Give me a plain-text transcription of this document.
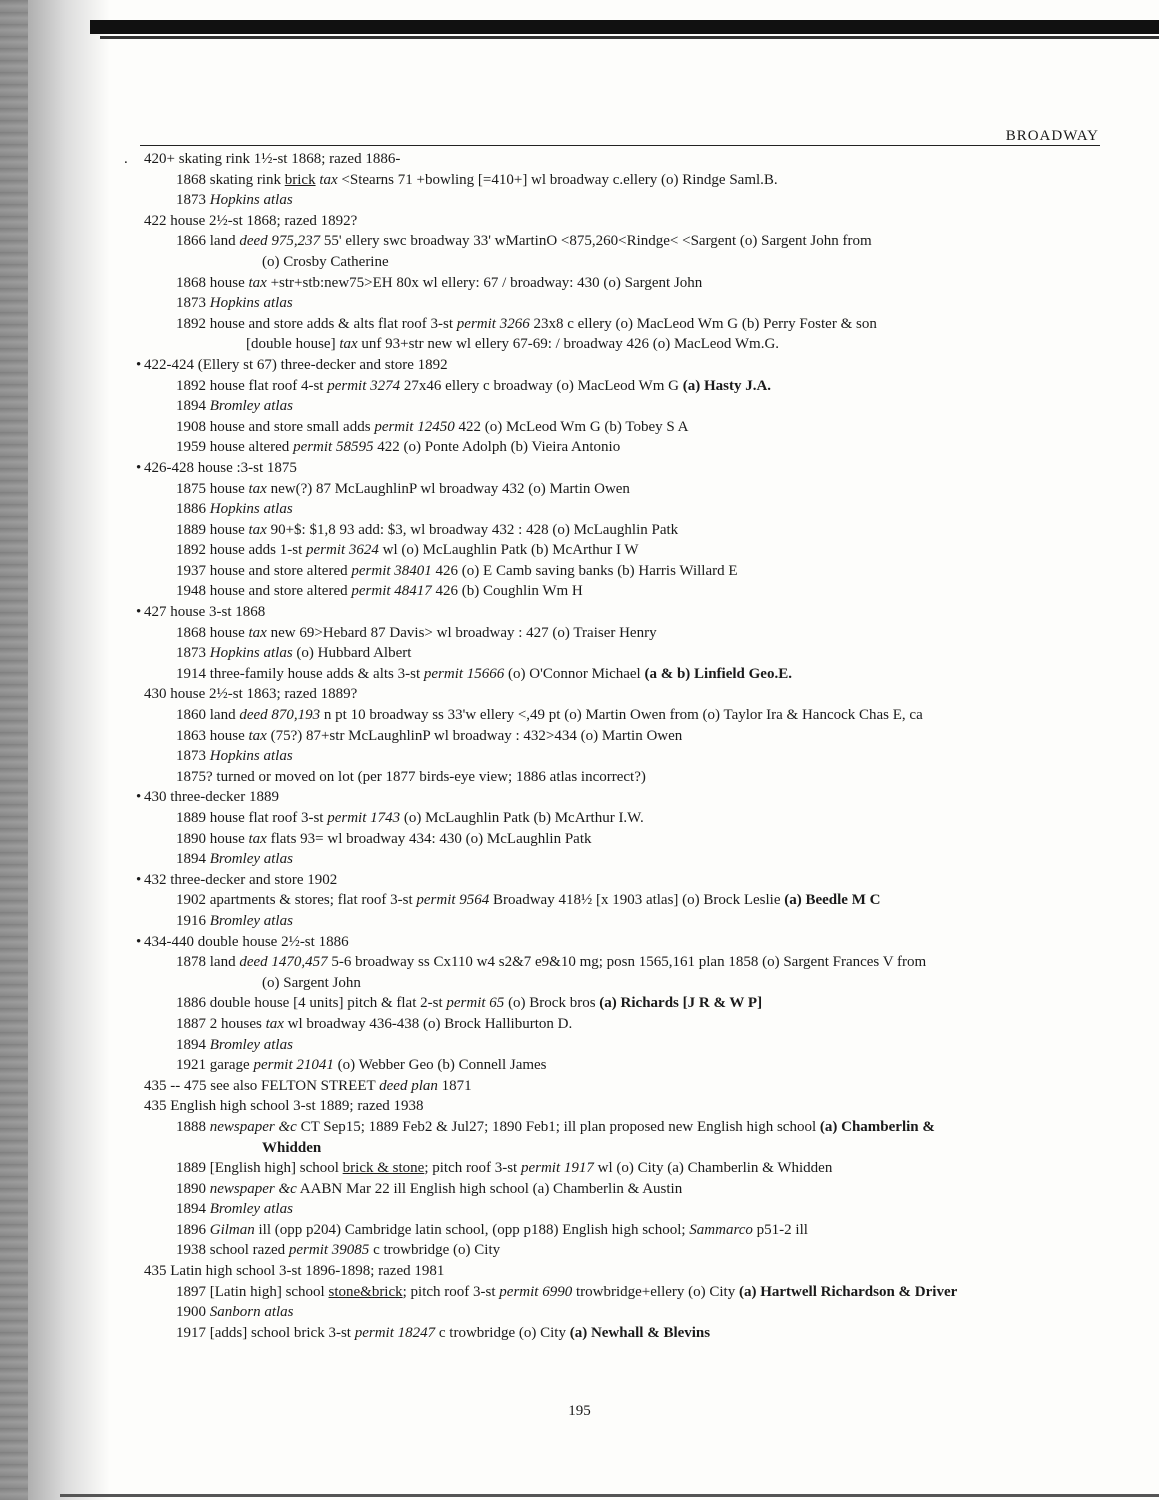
BROADWAY
. 420+ skating rink 1½-st 1868; razed 1886-
1868 skating rink brick tax <Stearns 71 +bowling [=410+] wl broadway c.ellery (o) Rindge Saml.B.
1873 Hopkins atlas
422 house 2½-st 1868; razed 1892?
1866 land deed 975,237 55' ellery swc broadway 33' wMartinO <875,260<Rindge< <Sargent (o) Sargent John from
(o) Crosby Catherine
1868 house tax +str+stb:new75>EH 80x wl ellery: 67 / broadway: 430 (o) Sargent John
1873 Hopkins atlas
1892 house and store adds & alts flat roof 3-st permit 3266 23x8 c ellery (o) MacLeod Wm G (b) Perry Foster & son
[double house] tax unf 93+str new wl ellery 67-69: / broadway 426 (o) MacLeod Wm.G.
• 422-424 (Ellery st 67) three-decker and store 1892
1892 house flat roof 4-st permit 3274 27x46 ellery c broadway (o) MacLeod Wm G (a) Hasty J.A.
1894 Bromley atlas
1908 house and store small adds permit 12450 422 (o) McLeod Wm G (b) Tobey S A
1959 house altered permit 58595 422 (o) Ponte Adolph (b) Vieira Antonio
• 426-428 house :3-st 1875
1875 house tax new(?) 87 McLaughlinP wl broadway 432 (o) Martin Owen
1886 Hopkins atlas
1889 house tax 90+$: $1,8 93 add: $3, wl broadway 432 : 428 (o) McLaughlin Patk
1892 house adds 1-st permit 3624 wl (o) McLaughlin Patk (b) McArthur I W
1937 house and store altered permit 38401 426 (o) E Camb saving banks (b) Harris Willard E
1948 house and store altered permit 48417 426 (b) Coughlin Wm H
• 427 house 3-st 1868
1868 house tax new 69>Hebard 87 Davis> wl broadway : 427 (o) Traiser Henry
1873 Hopkins atlas (o) Hubbard Albert
1914 three-family house adds & alts 3-st permit 15666 (o) O'Connor Michael (a & b) Linfield Geo.E.
430 house 2½-st 1863; razed 1889?
1860 land deed 870,193 n pt 10 broadway ss 33'w ellery <,49 pt (o) Martin Owen from (o) Taylor Ira & Hancock Chas E, ca
1863 house tax (75?) 87+str McLaughlinP wl broadway : 432>434 (o) Martin Owen
1873 Hopkins atlas
1875? turned or moved on lot (per 1877 birds-eye view; 1886 atlas incorrect?)
• 430 three-decker 1889
1889 house flat roof 3-st permit 1743 (o) McLaughlin Patk (b) McArthur I.W.
1890 house tax flats 93= wl broadway 434: 430 (o) McLaughlin Patk
1894 Bromley atlas
• 432 three-decker and store 1902
1902 apartments & stores; flat roof 3-st permit 9564 Broadway 418½ [x 1903 atlas] (o) Brock Leslie (a) Beedle M C
1916 Bromley atlas
• 434-440 double house 2½-st 1886
1878 land deed 1470,457 5-6 broadway ss Cx110 w4 s2&7 e9&10 mg; posn 1565,161 plan 1858 (o) Sargent Frances V from
(o) Sargent John
1886 double house [4 units] pitch & flat 2-st permit 65 (o) Brock bros (a) Richards [J R & W P]
1887 2 houses tax wl broadway 436-438 (o) Brock Halliburton D.
1894 Bromley atlas
1921 garage permit 21041 (o) Webber Geo (b) Connell James
435 -- 475 see also FELTON STREET deed plan 1871
435 English high school 3-st 1889; razed 1938
1888 newspaper &c CT Sep15; 1889 Feb2 & Jul27; 1890 Feb1; ill plan proposed new English high school (a) Chamberlin &
Whidden
1889 [English high] school brick & stone; pitch roof 3-st permit 1917 wl (o) City (a) Chamberlin & Whidden
1890 newspaper &c AABN Mar 22 ill English high school (a) Chamberlin & Austin
1894 Bromley atlas
1896 Gilman ill (opp p204) Cambridge latin school, (opp p188) English high school; Sammarco p51-2 ill
1938 school razed permit 39085 c trowbridge (o) City
435 Latin high school 3-st 1896-1898; razed 1981
1897 [Latin high] school stone&brick; pitch roof 3-st permit 6990 trowbridge+ellery (o) City (a) Hartwell Richardson & Driver
1900 Sanborn atlas
1917 [adds] school brick 3-st permit 18247 c trowbridge (o) City (a) Newhall & Blevins
195
